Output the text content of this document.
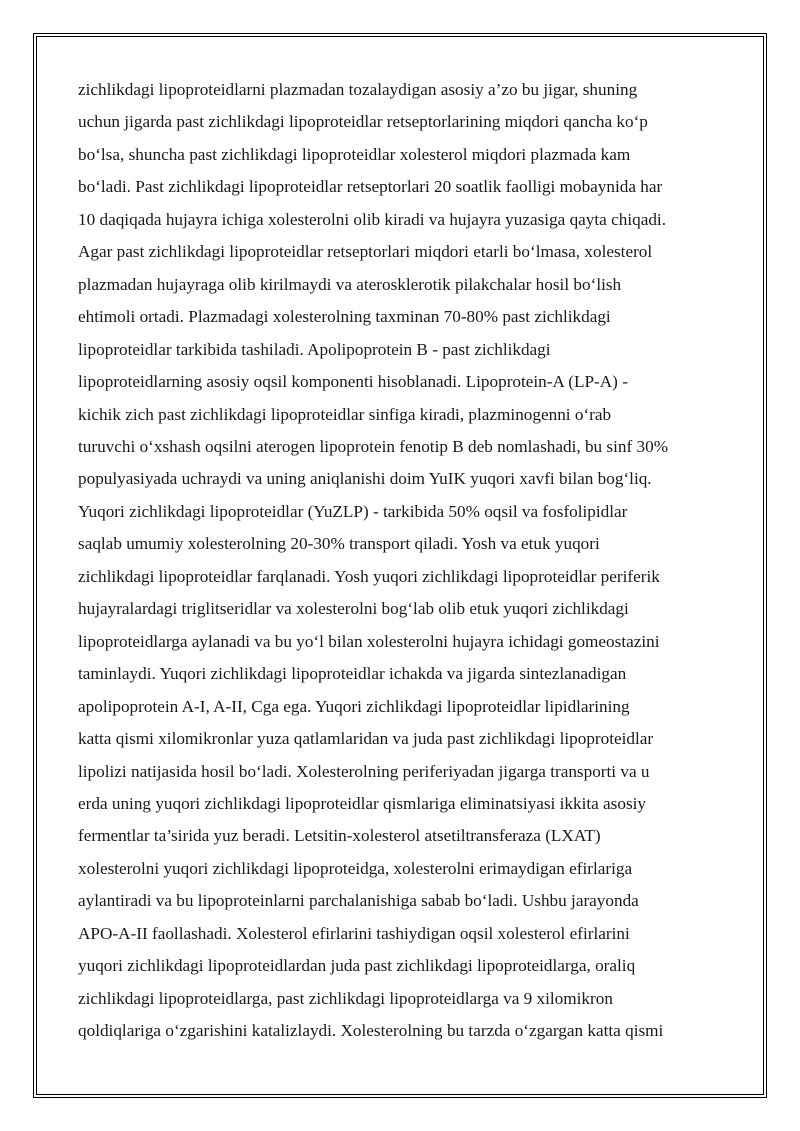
zichlikdagi lipoproteidlarni plazmadan tozalaydigan asosiy a’zo bu jigar, shuning
uchun jigarda past zichlikdagi lipoproteidlar retseptorlarining miqdori qancha ko‘p
bo‘lsa, shuncha past zichlikdagi lipoproteidlar xolesterol miqdori plazmada kam
bo‘ladi. Past zichlikdagi lipoproteidlar retseptorlari 20 soatlik faolligi mobaynida har
10 daqiqada hujayra ichiga xolesterolni olib kiradi va hujayra yuzasiga qayta chiqadi.
Agar past zichlikdagi lipoproteidlar retseptorlari miqdori etarli bo‘lmasa, xolesterol
plazmadan hujayraga olib kirilmaydi va aterosklerotik pilakchalar hosil bo‘lish
ehtimoli ortadi. Plazmadagi xolesterolning taxminan 70-80% past zichlikdagi
lipoproteidlar tarkibida tashiladi. Apolipoprotein B - past zichlikdagi
lipoproteidlarning asosiy oqsil komponenti hisoblanadi. Lipoprotein-A (LP-A) -
kichik zich past zichlikdagi lipoproteidlar sinfiga kiradi, plazminogenni o‘rab
turuvchi o‘xshash oqsilni aterogen lipoprotein fenotip B deb nomlashadi, bu sinf 30%
populyasiyada uchraydi va uning aniqlanishi doim YuIK yuqori xavfi bilan bog‘liq.
Yuqori zichlikdagi lipoproteidlar (YuZLP) - tarkibida 50% oqsil va fosfolipidlar
saqlab umumiy xolesterolning 20-30% transport qiladi. Yosh va etuk yuqori
zichlikdagi lipoproteidlar farqlanadi. Yosh yuqori zichlikdagi lipoproteidlar periferik
hujayralardagi triglitseridlar va xolesterolni bog‘lab olib etuk yuqori zichlikdagi
lipoproteidlarga aylanadi va bu yo‘l bilan xolesterolni hujayra ichidagi gomeostazini
taminlaydi. Yuqori zichlikdagi lipoproteidlar ichakda va jigarda sintezlanadigan
apolipoprotein A-I, A-II, Cga ega. Yuqori zichlikdagi lipoproteidlar lipidlarining
katta qismi xilomikronlar yuza qatlamlaridan va juda past zichlikdagi lipoproteidlar
lipolizi natijasida hosil bo‘ladi. Xolesterolning periferiyadan jigarga transporti va u
erda uning yuqori zichlikdagi lipoproteidlar qismlariga eliminatsiyasi ikkita asosiy
fermentlar ta’sirida yuz beradi. Letsitin-xolesterol atsetiltransferaza (LXAT)
xolesterolni yuqori zichlikdagi lipoproteidga, xolesterolni erimaydigan efirlariga
aylantiradi va bu lipoproteinlarni parchalanishiga sabab bo‘ladi. Ushbu jarayonda
APO-A-II faollashadi. Xolesterol efirlarini tashiydigan oqsil xolesterol efirlarini
yuqori zichlikdagi lipoproteidlardan juda past zichlikdagi lipoproteidlarga, oraliq
zichlikdagi lipoproteidlarga, past zichlikdagi lipoproteidlarga va 9 xilomikron
qoldiqlariga o‘zgarishini katalizlaydi. Xolesterolning bu tarzda o‘zgargan katta qismi
